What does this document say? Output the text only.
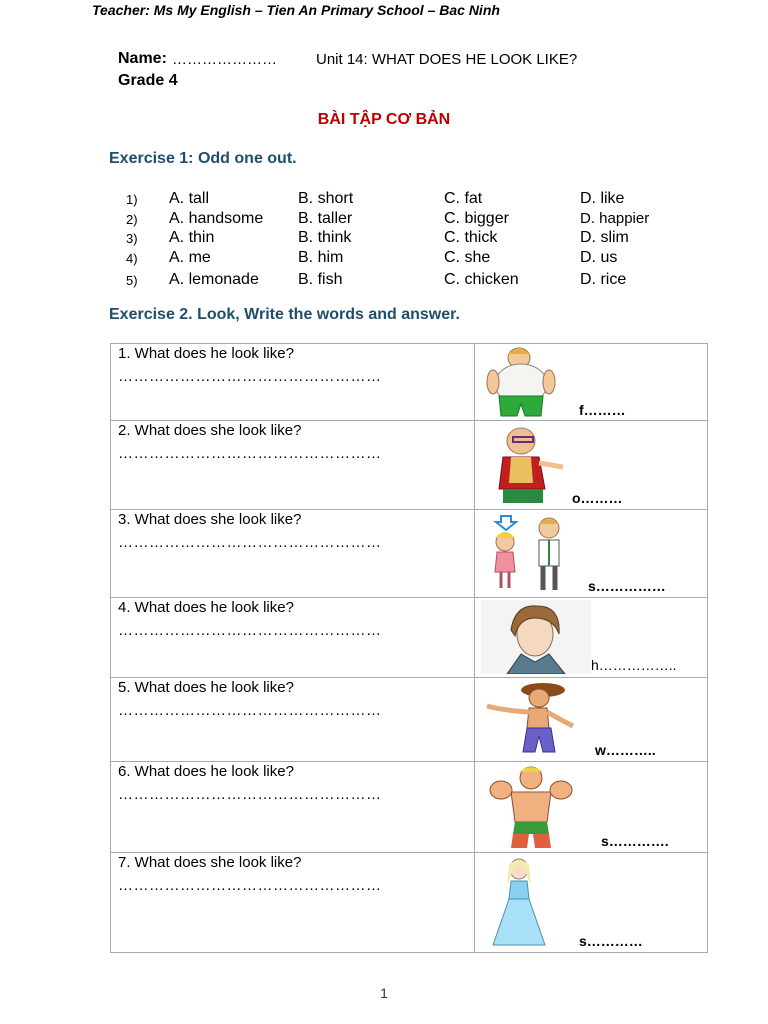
Teacher: Ms My English – Tien An Primary School – Bac Ninh
Name: …………………	Unit 14: WHAT DOES HE LOOK LIKE?
Grade 4
BÀI TẬP CƠ BẢN
Exercise 1: Odd one out.
1) A. tall	B. short	C. fat	D. like
2) A. handsome B. taller	C. bigger	D. happier
3) A. thin	B. think	C. thick	D. slim
4) A. me	B. him	C. she	D. us
5) A. lemonade B. fish	C. chicken	D. rice
Exercise 2. Look, Write the words and answer.
1. What does he look like?
……………………………………………
f………
2. What does she look like?
……………………………………………
o………
3. What does she look like?
……………………………………………
s……………
4. What does he look like?
……………………………………………
h……………..
5. What does he look like?
……………………………………………
w………..
6. What does he look like?
……………………………………………
s………….
7. What does she look like?
……………………………………………
s…………
1
